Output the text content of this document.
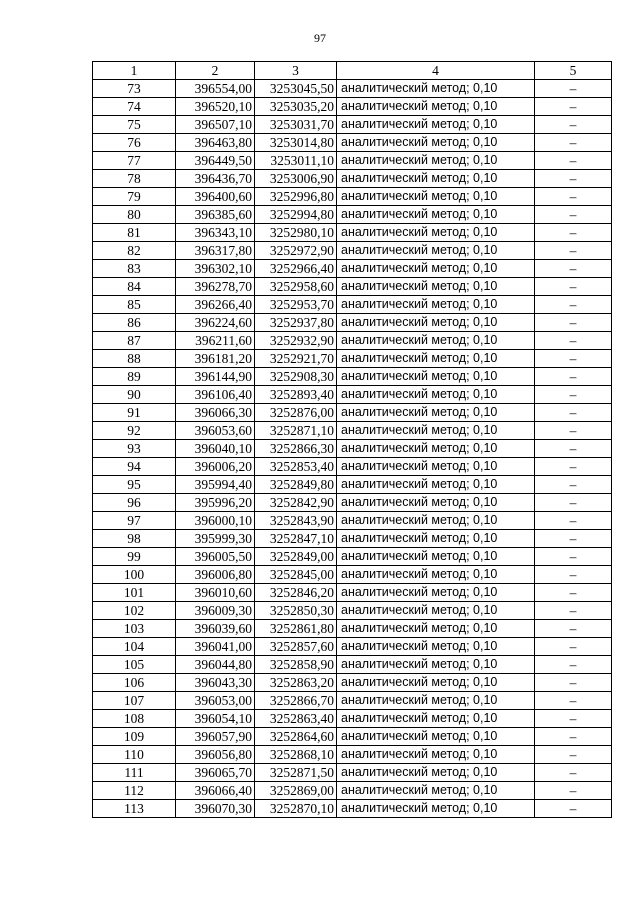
97
1	2	3	4	5
73	396554,00	3253045,50	аналитический метод; 0,10	–
74	396520,10	3253035,20	аналитический метод; 0,10	–
75	396507,10	3253031,70	аналитический метод; 0,10	–
76	396463,80	3253014,80	аналитический метод; 0,10	–
77	396449,50	3253011,10	аналитический метод; 0,10	–
78	396436,70	3253006,90	аналитический метод; 0,10	–
79	396400,60	3252996,80	аналитический метод; 0,10	–
80	396385,60	3252994,80	аналитический метод; 0,10	–
81	396343,10	3252980,10	аналитический метод; 0,10	–
82	396317,80	3252972,90	аналитический метод; 0,10	–
83	396302,10	3252966,40	аналитический метод; 0,10	–
84	396278,70	3252958,60	аналитический метод; 0,10	–
85	396266,40	3252953,70	аналитический метод; 0,10	–
86	396224,60	3252937,80	аналитический метод; 0,10	–
87	396211,60	3252932,90	аналитический метод; 0,10	–
88	396181,20	3252921,70	аналитический метод; 0,10	–
89	396144,90	3252908,30	аналитический метод; 0,10	–
90	396106,40	3252893,40	аналитический метод; 0,10	–
91	396066,30	3252876,00	аналитический метод; 0,10	–
92	396053,60	3252871,10	аналитический метод; 0,10	–
93	396040,10	3252866,30	аналитический метод; 0,10	–
94	396006,20	3252853,40	аналитический метод; 0,10	–
95	395994,40	3252849,80	аналитический метод; 0,10	–
96	395996,20	3252842,90	аналитический метод; 0,10	–
97	396000,10	3252843,90	аналитический метод; 0,10	–
98	395999,30	3252847,10	аналитический метод; 0,10	–
99	396005,50	3252849,00	аналитический метод; 0,10	–
100	396006,80	3252845,00	аналитический метод; 0,10	–
101	396010,60	3252846,20	аналитический метод; 0,10	–
102	396009,30	3252850,30	аналитический метод; 0,10	–
103	396039,60	3252861,80	аналитический метод; 0,10	–
104	396041,00	3252857,60	аналитический метод; 0,10	–
105	396044,80	3252858,90	аналитический метод; 0,10	–
106	396043,30	3252863,20	аналитический метод; 0,10	–
107	396053,00	3252866,70	аналитический метод; 0,10	–
108	396054,10	3252863,40	аналитический метод; 0,10	–
109	396057,90	3252864,60	аналитический метод; 0,10	–
110	396056,80	3252868,10	аналитический метод; 0,10	–
111	396065,70	3252871,50	аналитический метод; 0,10	–
112	396066,40	3252869,00	аналитический метод; 0,10	–
113	396070,30	3252870,10	аналитический метод; 0,10	–
